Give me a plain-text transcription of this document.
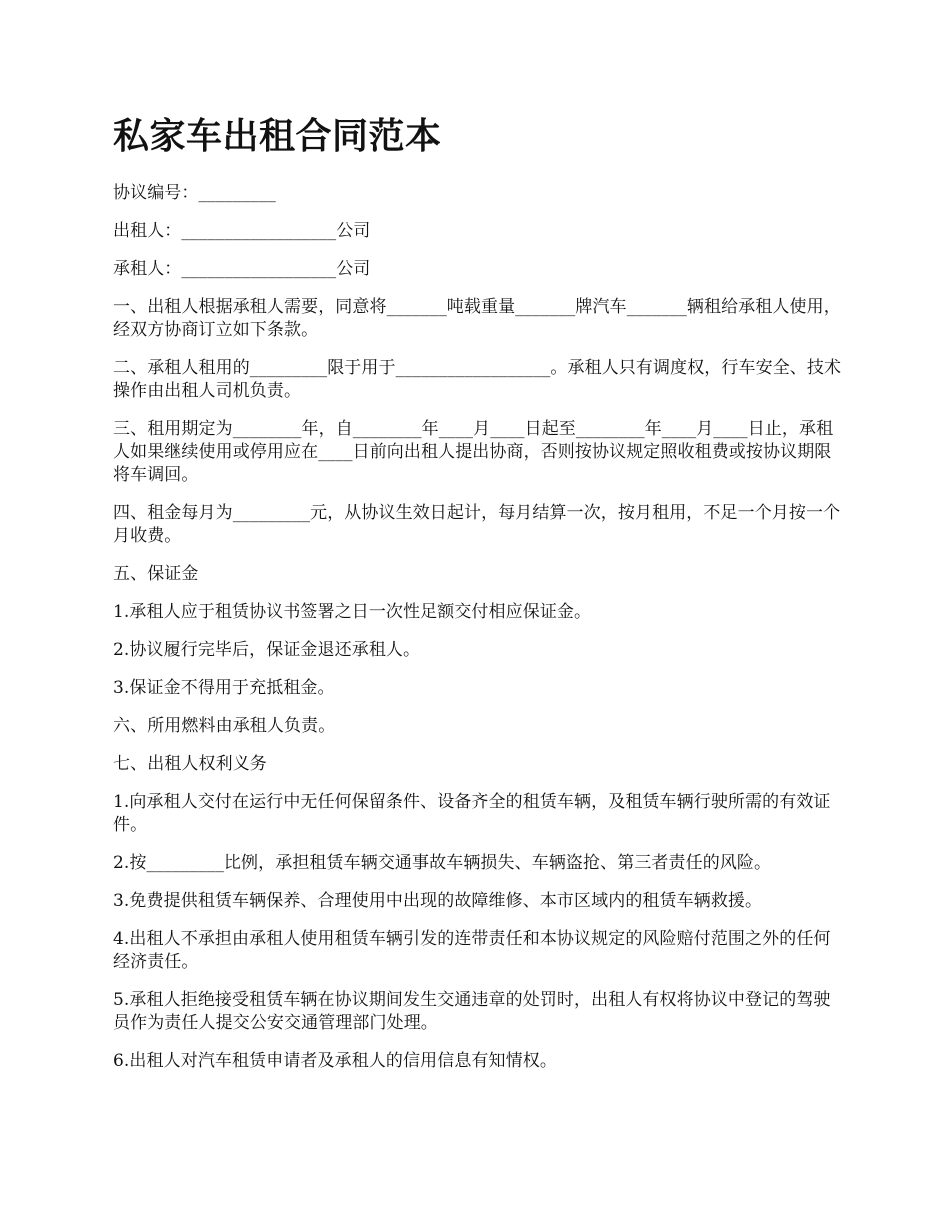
私家车出租合同范本

协议编号：_________

出租人：__________________公司

承租人：__________________公司

一、出租人根据承租人需要，同意将_______吨载重量_______牌汽车_______辆租给承租人使用，经双方协商订立如下条款。

二、承租人租用的_________限于用于__________________。承租人只有调度权，行车安全、技术操作由出租人司机负责。

三、租用期定为________年，自________年____月____日起至________年____月____日止，承租人如果继续使用或停用应在____日前向出租人提出协商，否则按协议规定照收租费或按协议期限将车调回。

四、租金每月为_________元，从协议生效日起计，每月结算一次，按月租用，不足一个月按一个月收费。

五、保证金

1.承租人应于租赁协议书签署之日一次性足额交付相应保证金。

2.协议履行完毕后，保证金退还承租人。

3.保证金不得用于充抵租金。

六、所用燃料由承租人负责。

七、出租人权利义务

1.向承租人交付在运行中无任何保留条件、设备齐全的租赁车辆，及租赁车辆行驶所需的有效证件。

2.按_________比例，承担租赁车辆交通事故车辆损失、车辆盗抢、第三者责任的风险。

3.免费提供租赁车辆保养、合理使用中出现的故障维修、本市区域内的租赁车辆救援。

4.出租人不承担由承租人使用租赁车辆引发的连带责任和本协议规定的风险赔付范围之外的任何经济责任。

5.承租人拒绝接受租赁车辆在协议期间发生交通违章的处罚时，出租人有权将协议中登记的驾驶员作为责任人提交公安交通管理部门处理。

6.出租人对汽车租赁申请者及承租人的信用信息有知情权。
